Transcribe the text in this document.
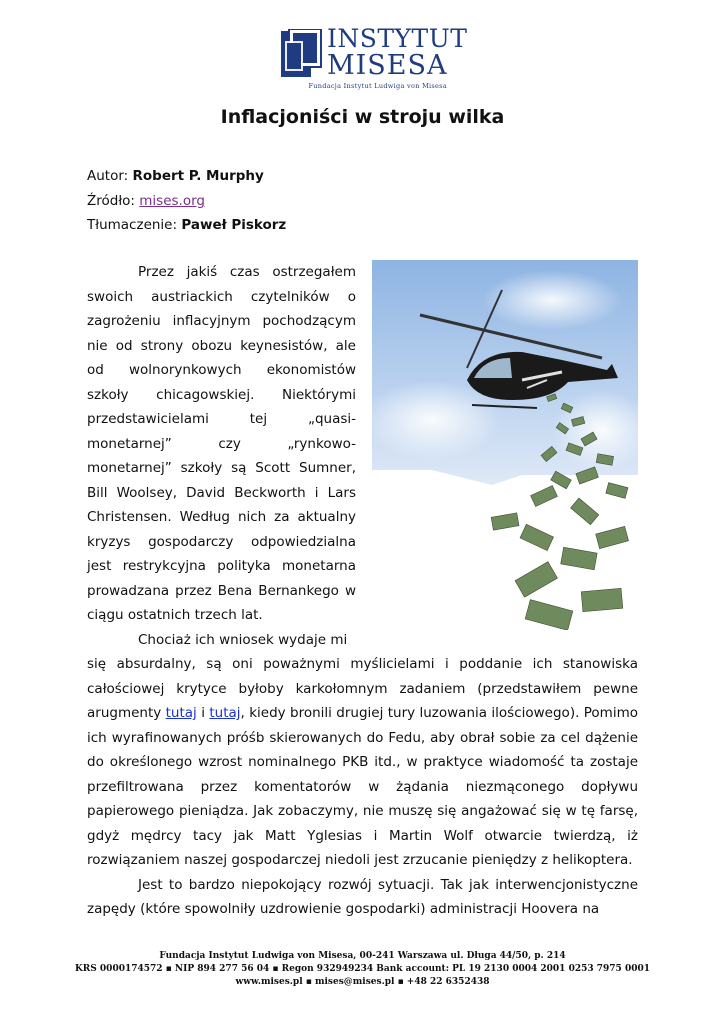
INSTYTUT
MISESA
Fundacja Instytut Ludwiga von Misesa
Inflacjoniści w stroju wilka
Autor: Robert P. Murphy
Źródło: mises.org
Tłumaczenie: Paweł Piskorz

Przez jakiś czas ostrzegałem swoich austriackich czytelników o zagrożeniu inflacyjnym pochodzącym nie od strony obozu keynesistów, ale od wolnorynkowych ekonomistów szkoły chicagowskiej. Niektórymi przedstawicielami tej „quasi-monetarnej” czy „rynkowo-monetarnej” szkoły są Scott Sumner, Bill Woolsey, David Beckworth i Lars Christensen. Według nich za aktualny kryzys gospodarczy odpowiedzialna jest restrykcyjna polityka monetarna prowadzana przez Bena Bernankego w ciągu ostatnich trzech lat.

Chociaż ich wniosek wydaje mi

się absurdalny, są oni poważnymi myślicielami i poddanie ich stanowiska całościowej krytyce byłoby karkołomnym zadaniem (przedstawiłem pewne arugmenty tutaj i tutaj, kiedy bronili drugiej tury luzowania ilościowego). Pomimo ich wyrafinowanych próśb skierowanych do Fedu, aby obrał sobie za cel dążenie do określonego wzrost nominalnego PKB itd., w praktyce wiadomość ta zostaje przefiltrowana przez komentatorów w żądania niezmąconego dopływu papierowego pieniądza. Jak zobaczymy, nie muszę się angażować się w tę farsę, gdyż mędrcy tacy jak Matt Yglesias i Martin Wolf otwarcie twierdzą, iż rozwiązaniem naszej gospodarczej niedoli jest zrzucanie pieniędzy z helikoptera.

Jest to bardzo niepokojący rozwój sytuacji. Tak jak interwencjonistyczne zapędy (które spowolniły uzdrowienie gospodarki) administracji Hoovera na

Fundacja Instytut Ludwiga von Misesa, 00-241 Warszawa ul. Długa 44/50, p. 214
KRS 0000174572 ▪ NIP 894 277 56 04 ▪ Regon 932949234 Bank account: PL 19 2130 0004 2001 0253 7975 0001
www.mises.pl ▪ mises@mises.pl ▪ +48 22 6352438
